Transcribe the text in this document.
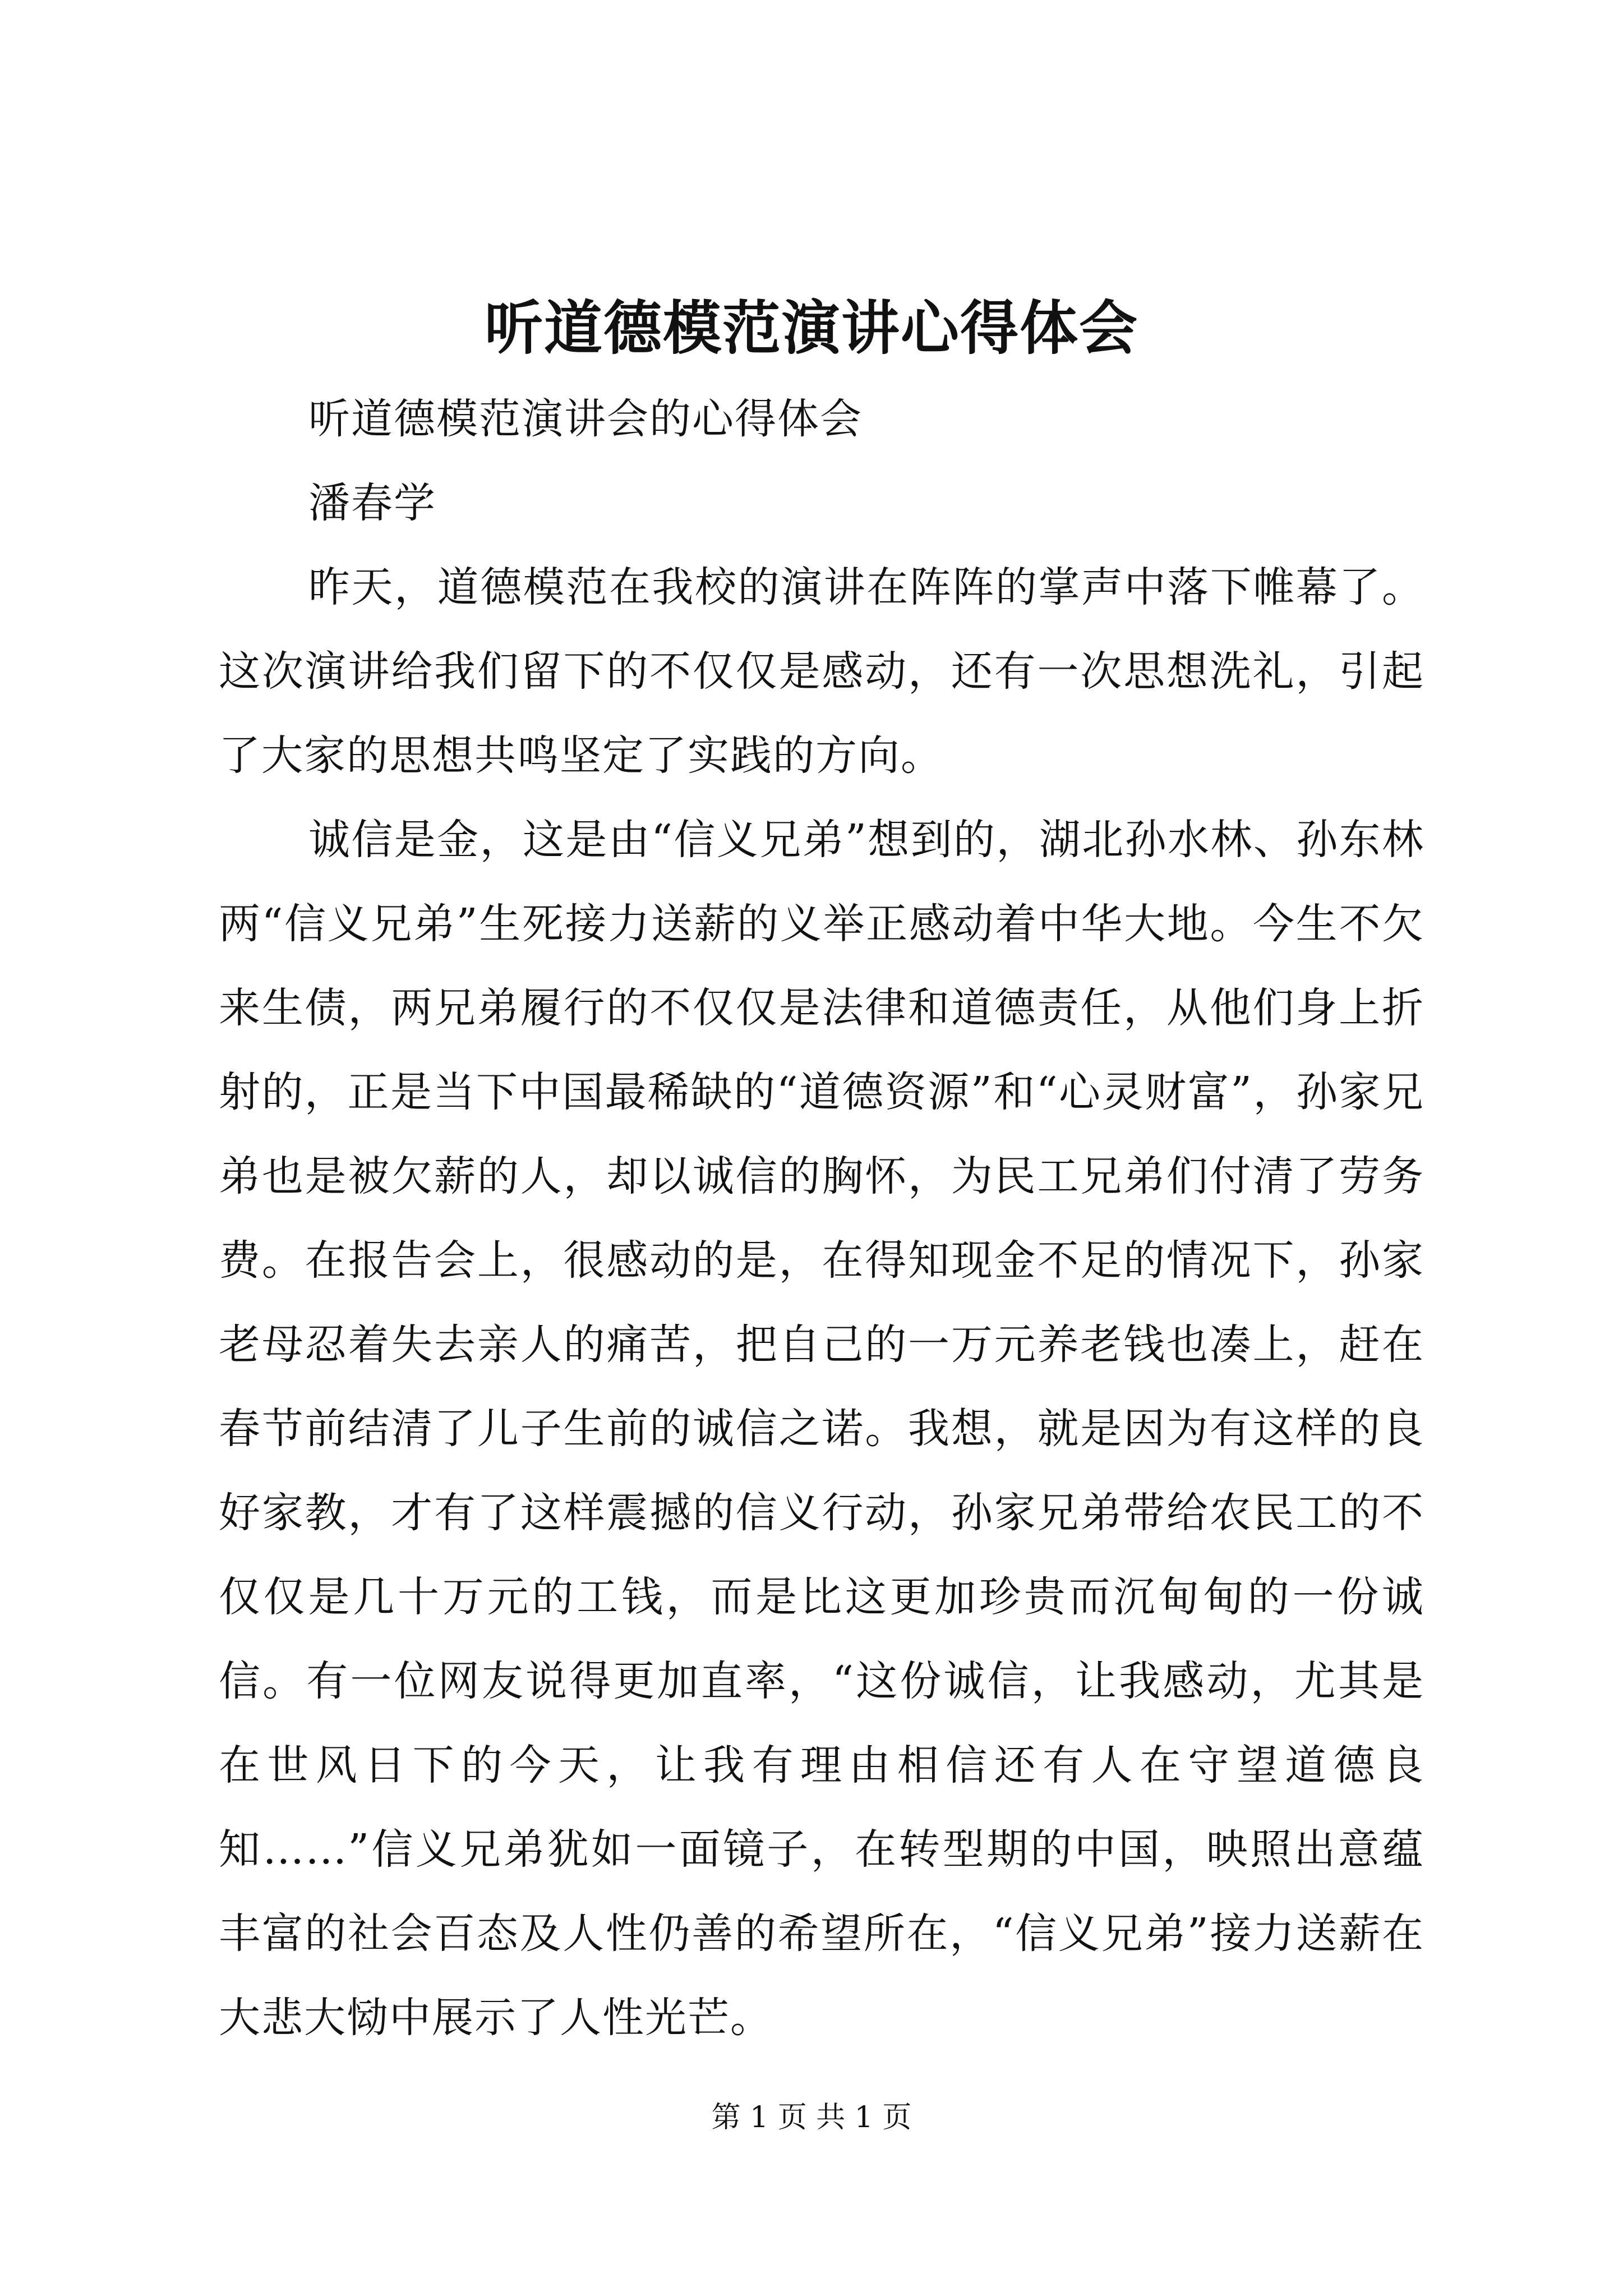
听道德模范演讲心得体会

听道德模范演讲会的心得体会

潘春学

昨天，道德模范在我校的演讲在阵阵的掌声中落下帷幕了。这次演讲给我们留下的不仅仅是感动，还有一次思想洗礼，引起了大家的思想共鸣坚定了实践的方向。

诚信是金，这是由“信义兄弟”想到的，湖北孙水林、孙东林两“信义兄弟”生死接力送薪的义举正感动着中华大地。今生不欠来生债，两兄弟履行的不仅仅是法律和道德责任，从他们身上折射的，正是当下中国最稀缺的“道德资源”和“心灵财富”，孙家兄弟也是被欠薪的人，却以诚信的胸怀，为民工兄弟们付清了劳务费。在报告会上，很感动的是，在得知现金不足的情况下，孙家老母忍着失去亲人的痛苦，把自己的一万元养老钱也凑上，赶在春节前结清了儿子生前的诚信之诺。我想，就是因为有这样的良好家教，才有了这样震撼的信义行动，孙家兄弟带给农民工的不仅仅是几十万元的工钱，而是比这更加珍贵而沉甸甸的一份诚信。有一位网友说得更加直率，“这份诚信，让我感动，尤其是在世风日下的今天，让我有理由相信还有人在守望道德良知……”信义兄弟犹如一面镜子，在转型期的中国，映照出意蕴丰富的社会百态及人性仍善的希望所在，“信义兄弟”接力送薪在大悲大恸中展示了人性光芒。

第 1 页 共 1 页
